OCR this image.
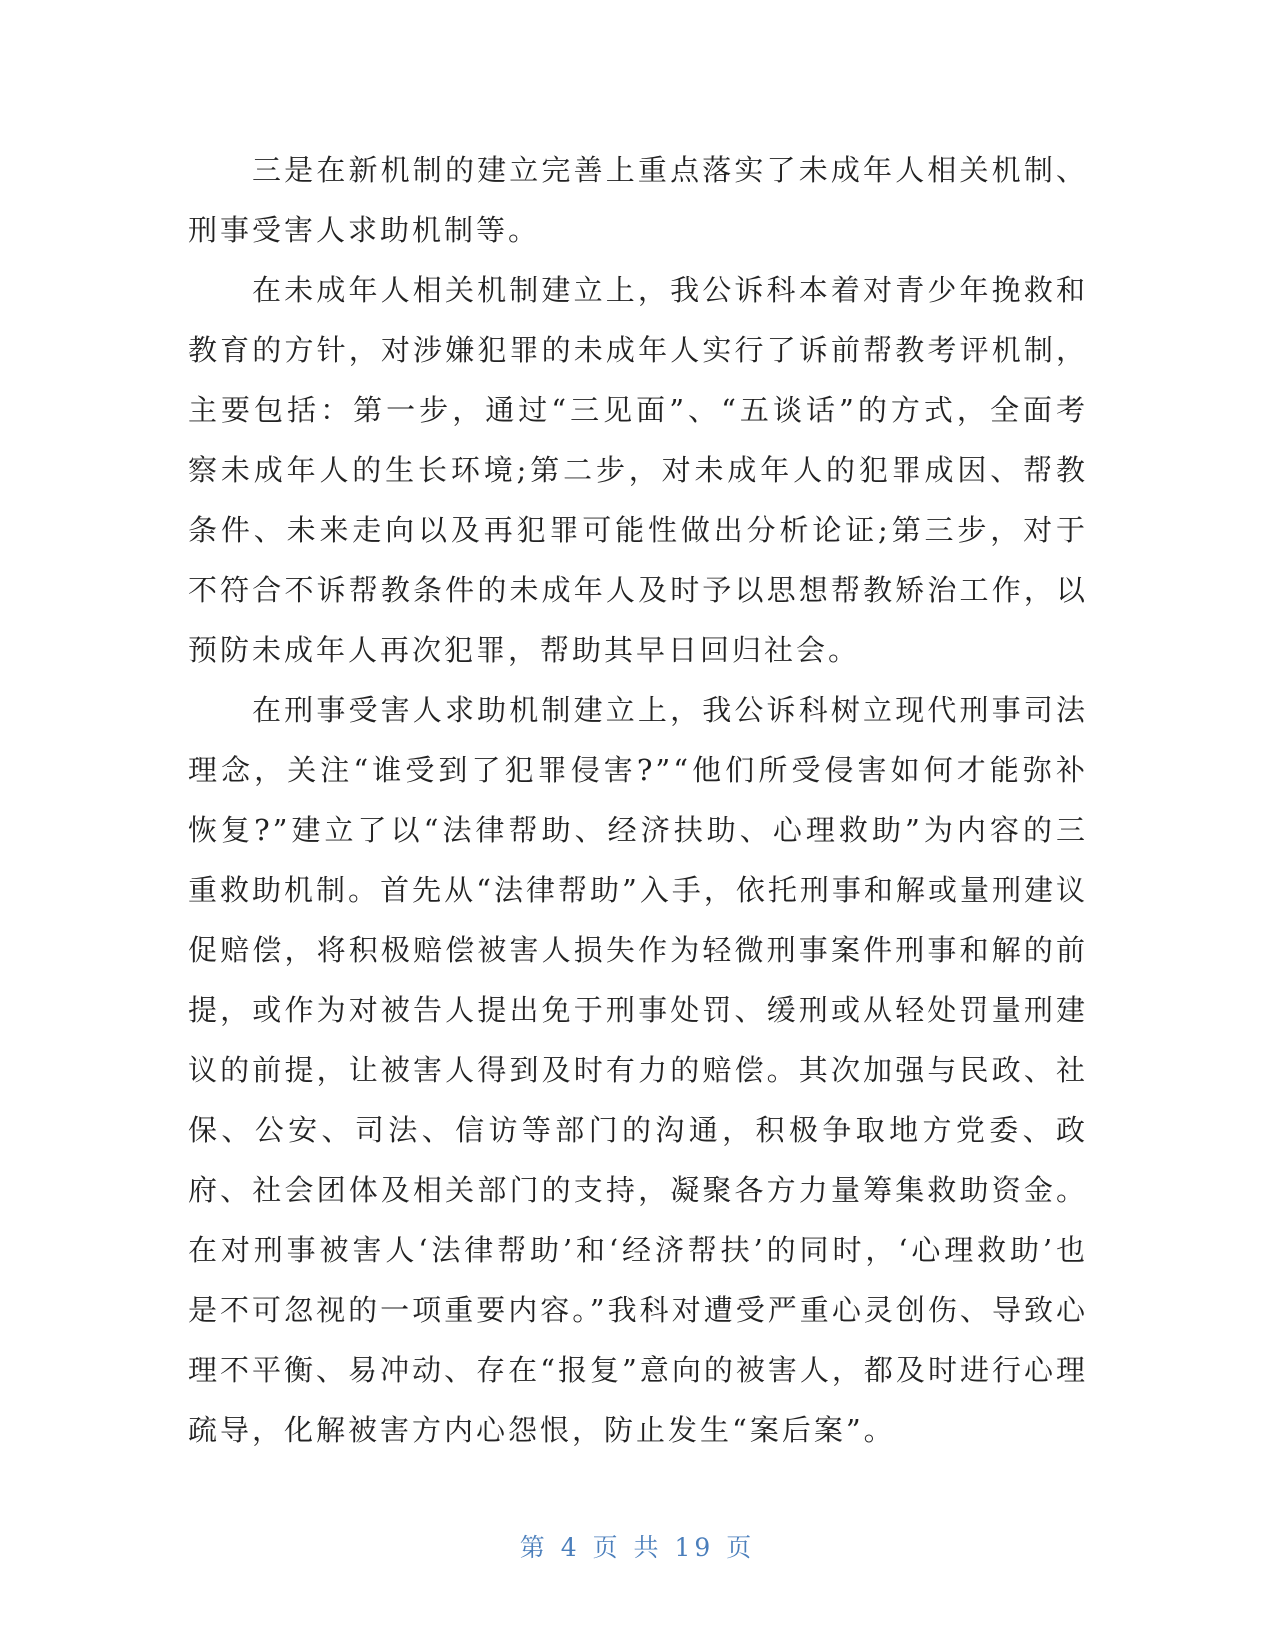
三是在新机制的建立完善上重点落实了未成年人相关机制、刑事受害人求助机制等。

在未成年人相关机制建立上，我公诉科本着对青少年挽救和教育的方针，对涉嫌犯罪的未成年人实行了诉前帮教考评机制，主要包括：第一步，通过“三见面”、“五谈话”的方式，全面考察未成年人的生长环境;第二步，对未成年人的犯罪成因、帮教条件、未来走向以及再犯罪可能性做出分析论证;第三步，对于不符合不诉帮教条件的未成年人及时予以思想帮教矫治工作，以预防未成年人再次犯罪，帮助其早日回归社会。

在刑事受害人求助机制建立上，我公诉科树立现代刑事司法理念，关注“谁受到了犯罪侵害?”“他们所受侵害如何才能弥补恢复?”建立了以“法律帮助、经济扶助、心理救助”为内容的三重救助机制。首先从“法律帮助”入手，依托刑事和解或量刑建议促赔偿，将积极赔偿被害人损失作为轻微刑事案件刑事和解的前提，或作为对被告人提出免于刑事处罚、缓刑或从轻处罚量刑建议的前提，让被害人得到及时有力的赔偿。其次加强与民政、社保、公安、司法、信访等部门的沟通，积极争取地方党委、政府、社会团体及相关部门的支持，凝聚各方力量筹集救助资金。在对刑事被害人‘法律帮助’和‘经济帮扶’的同时，‘心理救助’也是不可忽视的一项重要内容。”我科对遭受严重心灵创伤、导致心理不平衡、易冲动、存在“报复”意向的被害人，都及时进行心理疏导，化解被害方内心怨恨，防止发生“案后案”。

第 4 页 共 19 页
